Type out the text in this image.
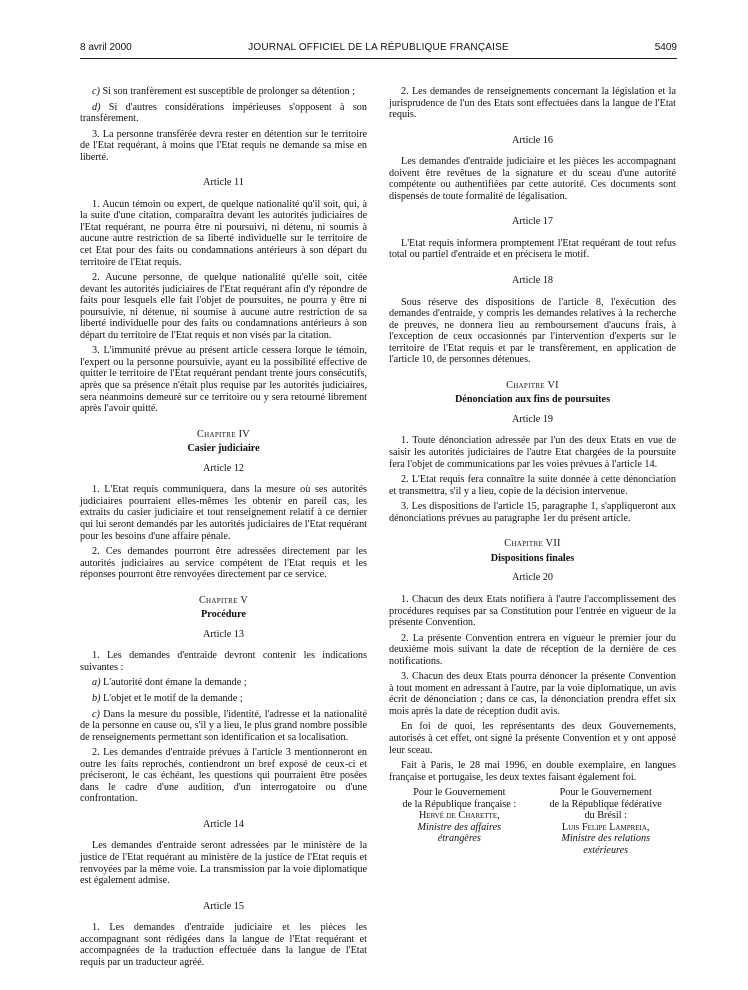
8 avril 2000	JOURNAL OFFICIEL DE LA RÉPUBLIQUE FRANÇAISE	5409

c) Si son tranfèrement est susceptible de prolonger sa détention ;

d) Si d'autres considérations impérieuses s'opposent à son transfèrement.

3. La personne transférée devra rester en détention sur le territoire de l'Etat requérant, à moins que l'Etat requis ne demande sa mise en liberté.

Article 11

1. Aucun témoin ou expert, de quelque nationalité qu'il soit, qui, à la suite d'une citation, comparaîtra devant les autorités judiciaires de l'Etat requérant, ne pourra être ni poursuivi, ni détenu, ni soumis à aucune autre restriction de sa liberté individuelle sur le territoire de cet Etat pour des faits ou condamnations antérieurs à son départ du territoire de l'Etat requis.

2. Aucune personne, de quelque nationalité qu'elle soit, citée devant les autorités judiciaires de l'Etat requérant afin d'y répondre de faits pour lesquels elle fait l'objet de poursuites, ne pourra y être ni poursuivie, ni détenue, ni soumise à aucune autre restriction de sa liberté individuelle pour des faits ou condamnations antérieurs à son départ du territoire de l'Etat requis et non visés par la citation.

3. L'immunité prévue au présent article cessera lorque le témoin, l'expert ou la personne poursuivie, ayant eu la possibilité effective de quitter le territoire de l'Etat requérant pendant trente jours consécutifs, après que sa présence n'était plus requise par les autorités judiciaires, sera néanmoins demeuré sur ce territoire ou y sera retourné librement après l'avoir quitté.

Chapitre IV
Casier judiciaire
Article 12

1. L'Etat requis communiquera, dans la mesure où ses autorités judiciaires pourraient elles-mêmes les obtenir en pareil cas, les extraits du casier judiciaire et tout renseignement relatif à ce dernier qui lui seront demandés par les autorités judiciaires de l'Etat requérant pour les besoins d'une affaire pénale.

2. Ces demandes pourront être adressées directement par les autorités judiciaires au service compétent de l'Etat requis et les réponses pourront être renvoyées directement par ce service.

Chapitre V
Procédure
Article 13

1. Les demandes d'entraide devront contenir les indications suivantes :

a) L'autorité dont émane la demande ;

b) L'objet et le motif de la demande ;

c) Dans la mesure du possible, l'identité, l'adresse et la nationalité de la personne en cause ou, s'il y a lieu, le plus grand nombre possible de renseignements permettant son identification et sa localisation.

2. Les demandes d'entraide prévues à l'article 3 mentionneront en outre les faits reprochés, contiendront un bref exposé de ceux-ci et préciseront, le cas échéant, les questions qui pourraient être posées dans le cadre d'une audition, d'un interrogatoire ou d'une confrontation.

Article 14

Les demandes d'entraide seront adressées par le ministère de la justice de l'Etat requérant au ministère de la justice de l'Etat requis et renvoyées par la même voie. La transmission par la voie diplomatique est également admise.

Article 15

1. Les demandes d'entraide judiciaire et les pièces les accompagnant sont rédigées dans la langue de l'Etat requérant et accompagnées de la traduction effectuée dans la langue de l'Etat requis par un traducteur agréé.

2. Les demandes de renseignements concernant la législation et la jurisprudence de l'un des Etats sont effectuées dans la langue de l'Etat requis.

Article 16

Les demandes d'entraide judiciaire et les pièces les accompagnant doivent être revêtues de la signature et du sceau d'une autorité compétente ou authentifiées par cette autorité. Ces documents sont dispensés de toute formalité de légalisation.

Article 17

L'Etat requis informera promptement l'Etat requérant de tout refus total ou partiel d'entraide et en précisera le motif.

Article 18

Sous réserve des dispositions de l'article 8, l'exécution des demandes d'entraide, y compris les demandes relatives à la recherche de preuves, ne donnera lieu au remboursement d'aucuns frais, à l'exception de ceux occasionnés par l'intervention d'experts sur le territoire de l'Etat requis et par le transfèrement, en application de l'article 10, de personnes détenues.

Chapitre VI
Dénonciation aux fins de poursuites
Article 19

1. Toute dénonciation adressée par l'un des deux Etats en vue de saisir les autorités judiciaires de l'autre Etat chargées de la poursuite fera l'objet de communications par les voies prévues à l'article 14.

2. L'Etat requis fera connaître la suite donnée à cette dénonciation et transmettra, s'il y a lieu, copie de la décision intervenue.

3. Les dispositions de l'article 15, paragraphe 1, s'appliqueront aux dénonciations prévues au paragraphe 1er du présent article.

Chapitre VII
Dispositions finales
Article 20

1. Chacun des deux Etats notifiera à l'autre l'accomplissement des procédures requises par sa Constitution pour l'entrée en vigueur de la présente Convention.

2. La présente Convention entrera en vigueur le premier jour du deuxième mois suivant la date de réception de la dernière de ces notifications.

3. Chacun des deux Etats pourra dénoncer la présente Convention à tout moment en adressant à l'autre, par la voie diplomatique, un avis écrit de dénonciation ; dans ce cas, la dénonciation prendra effet six mois après la date de réception dudit avis.

En foi de quoi, les représentants des deux Gouvernements, autorisés à cet effet, ont signé la présente Convention et y ont apposé leur sceau.

Fait à Paris, le 28 mai 1996, en double exemplaire, en langues française et portugaise, les deux textes faisant également foi.

Pour le Gouvernement
de la République française :
Hervé de Charette,
Ministre des affaires
étrangères
Pour le Gouvernement
de la République fédérative
du Brésil :
Luis Felipe Lampreia,
Ministre des relations
extérieures
